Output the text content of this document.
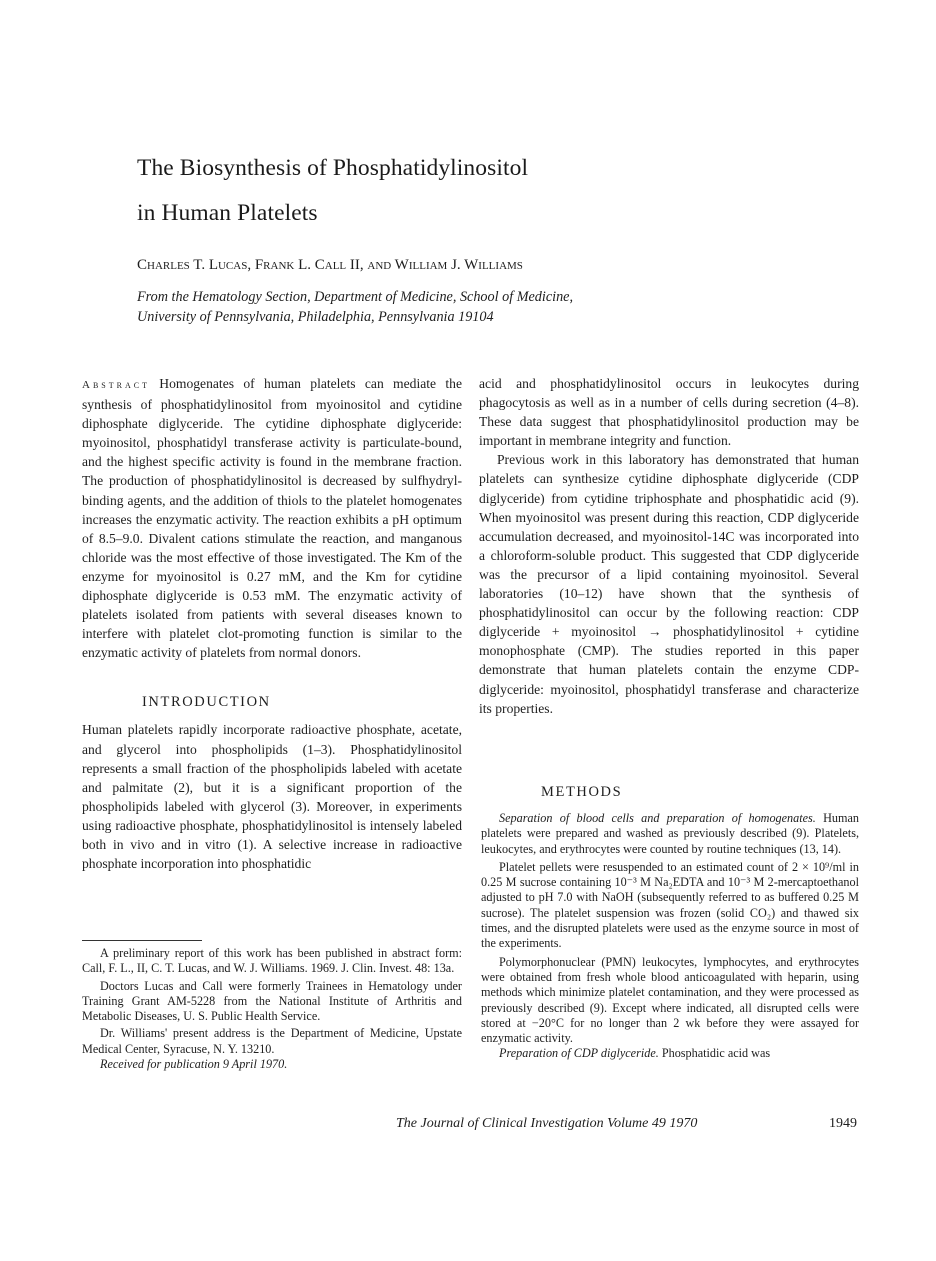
The Biosynthesis of Phosphatidylinositol
in Human Platelets
Charles T. Lucas, Frank L. Call II, and William J. Williams
From the Hematology Section, Department of Medicine, School of Medicine,
University of Pennsylvania, Philadelphia, Pennsylvania 19104

Abstract Homogenates of human platelets can mediate the synthesis of phosphatidylinositol from myoinositol and cytidine diphosphate diglyceride. The cytidine diphosphate diglyceride: myoinositol, phosphatidyl transferase activity is particulate-bound, and the highest specific activity is found in the membrane fraction. The production of phosphatidylinositol is decreased by sulfhydryl-binding agents, and the addition of thiols to the platelet homogenates increases the enzymatic activity. The reaction exhibits a pH optimum of 8.5–9.0. Divalent cations stimulate the reaction, and manganous chloride was the most effective of those investigated. The Km of the enzyme for myoinositol is 0.27 mM, and the Km for cytidine diphosphate diglyceride is 0.53 mM. The enzymatic activity of platelets isolated from patients with several diseases known to interfere with platelet clot-promoting function is similar to the enzymatic activity of platelets from normal donors.

INTRODUCTION

Human platelets rapidly incorporate radioactive phosphate, acetate, and glycerol into phospholipids (1–3). Phosphatidylinositol represents a small fraction of the phospholipids labeled with acetate and palmitate (2), but it is a significant proportion of the phospholipids labeled with glycerol (3). Moreover, in experiments using radioactive phosphate, phosphatidylinositol is intensely labeled both in vivo and in vitro (1). A selective increase in radioactive phosphate incorporation into phosphatidic

A preliminary report of this work has been published in abstract form: Call, F. L., II, C. T. Lucas, and W. J. Williams. 1969. J. Clin. Invest. 48: 13a.

Doctors Lucas and Call were formerly Trainees in Hematology under Training Grant AM-5228 from the National Institute of Arthritis and Metabolic Diseases, U. S. Public Health Service.

Dr. Williams' present address is the Department of Medicine, Upstate Medical Center, Syracuse, N. Y. 13210.

Received for publication 9 April 1970.

acid and phosphatidylinositol occurs in leukocytes during phagocytosis as well as in a number of cells during secretion (4–8). These data suggest that phosphatidylinositol production may be important in membrane integrity and function.

Previous work in this laboratory has demonstrated that human platelets can synthesize cytidine diphosphate diglyceride (CDP diglyceride) from cytidine triphosphate and phosphatidic acid (9). When myoinositol was present during this reaction, CDP diglyceride accumulation decreased, and myoinositol-14C was incorporated into a chloroform-soluble product. This suggested that CDP diglyceride was the precursor of a lipid containing myoinositol. Several laboratories (10–12) have shown that the synthesis of phosphatidylinositol can occur by the following reaction: CDP diglyceride + myoinositol → phosphatidylinositol + cytidine monophosphate (CMP). The studies reported in this paper demonstrate that human platelets contain the enzyme CDP-diglyceride: myoinositol, phosphatidyl transferase and characterize its properties.

METHODS

Separation of blood cells and preparation of homogenates. Human platelets were prepared and washed as previously described (9). Platelets, leukocytes, and erythrocytes were counted by routine techniques (13, 14).

Platelet pellets were resuspended to an estimated count of 2 × 10⁹/ml in 0.25 M sucrose containing 10⁻³ M Na₂EDTA and 10⁻³ M 2-mercaptoethanol adjusted to pH 7.0 with NaOH (subsequently referred to as buffered 0.25 M sucrose). The platelet suspension was frozen (solid CO₂) and thawed six times, and the disrupted platelets were used as the enzyme source in most of the experiments.

Polymorphonuclear (PMN) leukocytes, lymphocytes, and erythrocytes were obtained from fresh whole blood anticoagulated with heparin, using methods which minimize platelet contamination, and they were processed as previously described (9). Except where indicated, all disrupted cells were stored at −20°C for no longer than 2 wk before they were assayed for enzymatic activity.

Preparation of CDP diglyceride. Phosphatidic acid was

The Journal of Clinical Investigation Volume 49 1970	1949
